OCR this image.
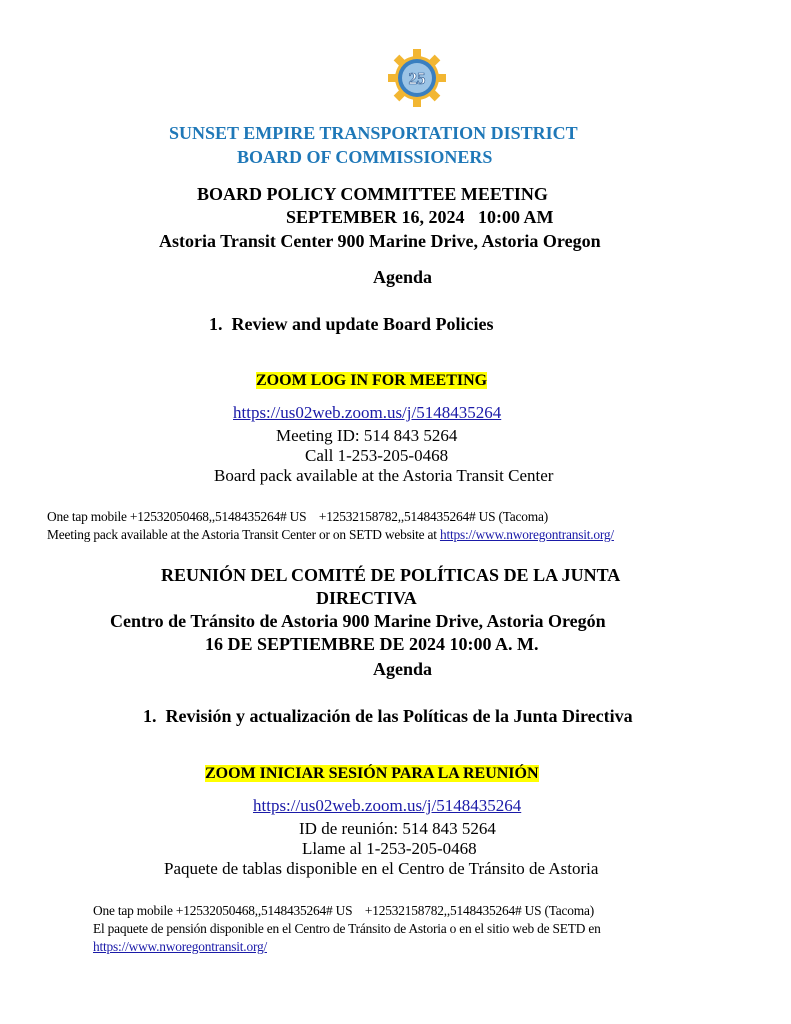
25
SUNSET EMPIRE TRANSPORTATION DISTRICT
BOARD OF COMMISSIONERS
BOARD POLICY COMMITTEE MEETING
SEPTEMBER 16, 2024   10:00 AM
Astoria Transit Center 900 Marine Drive, Astoria Oregon
Agenda
1. Review and update Board Policies
ZOOM LOG IN FOR MEETING
https://us02web.zoom.us/j/5148435264
Meeting ID: 514 843 5264
Call 1-253-205-0468
Board pack available at the Astoria Transit Center
One tap mobile +12532050468,,5148435264# US    +12532158782,,5148435264# US (Tacoma)
Meeting pack available at the Astoria Transit Center or on SETD website at https://www.nworegontransit.org/
REUNIÓN DEL COMITÉ DE POLÍTICAS DE LA JUNTA
DIRECTIVA
Centro de Tránsito de Astoria 900 Marine Drive, Astoria Oregón
16 DE SEPTIEMBRE DE 2024 10:00 A. M.
Agenda
1. Revisión y actualización de las Políticas de la Junta Directiva
ZOOM INICIAR SESIÓN PARA LA REUNIÓN
https://us02web.zoom.us/j/5148435264
ID de reunión: 514 843 5264
Llame al 1-253-205-0468
Paquete de tablas disponible en el Centro de Tránsito de Astoria
One tap mobile +12532050468,,5148435264# US    +12532158782,,5148435264# US (Tacoma)
El paquete de pensión disponible en el Centro de Tránsito de Astoria o en el sitio web de SETD en
https://www.nworegontransit.org/
